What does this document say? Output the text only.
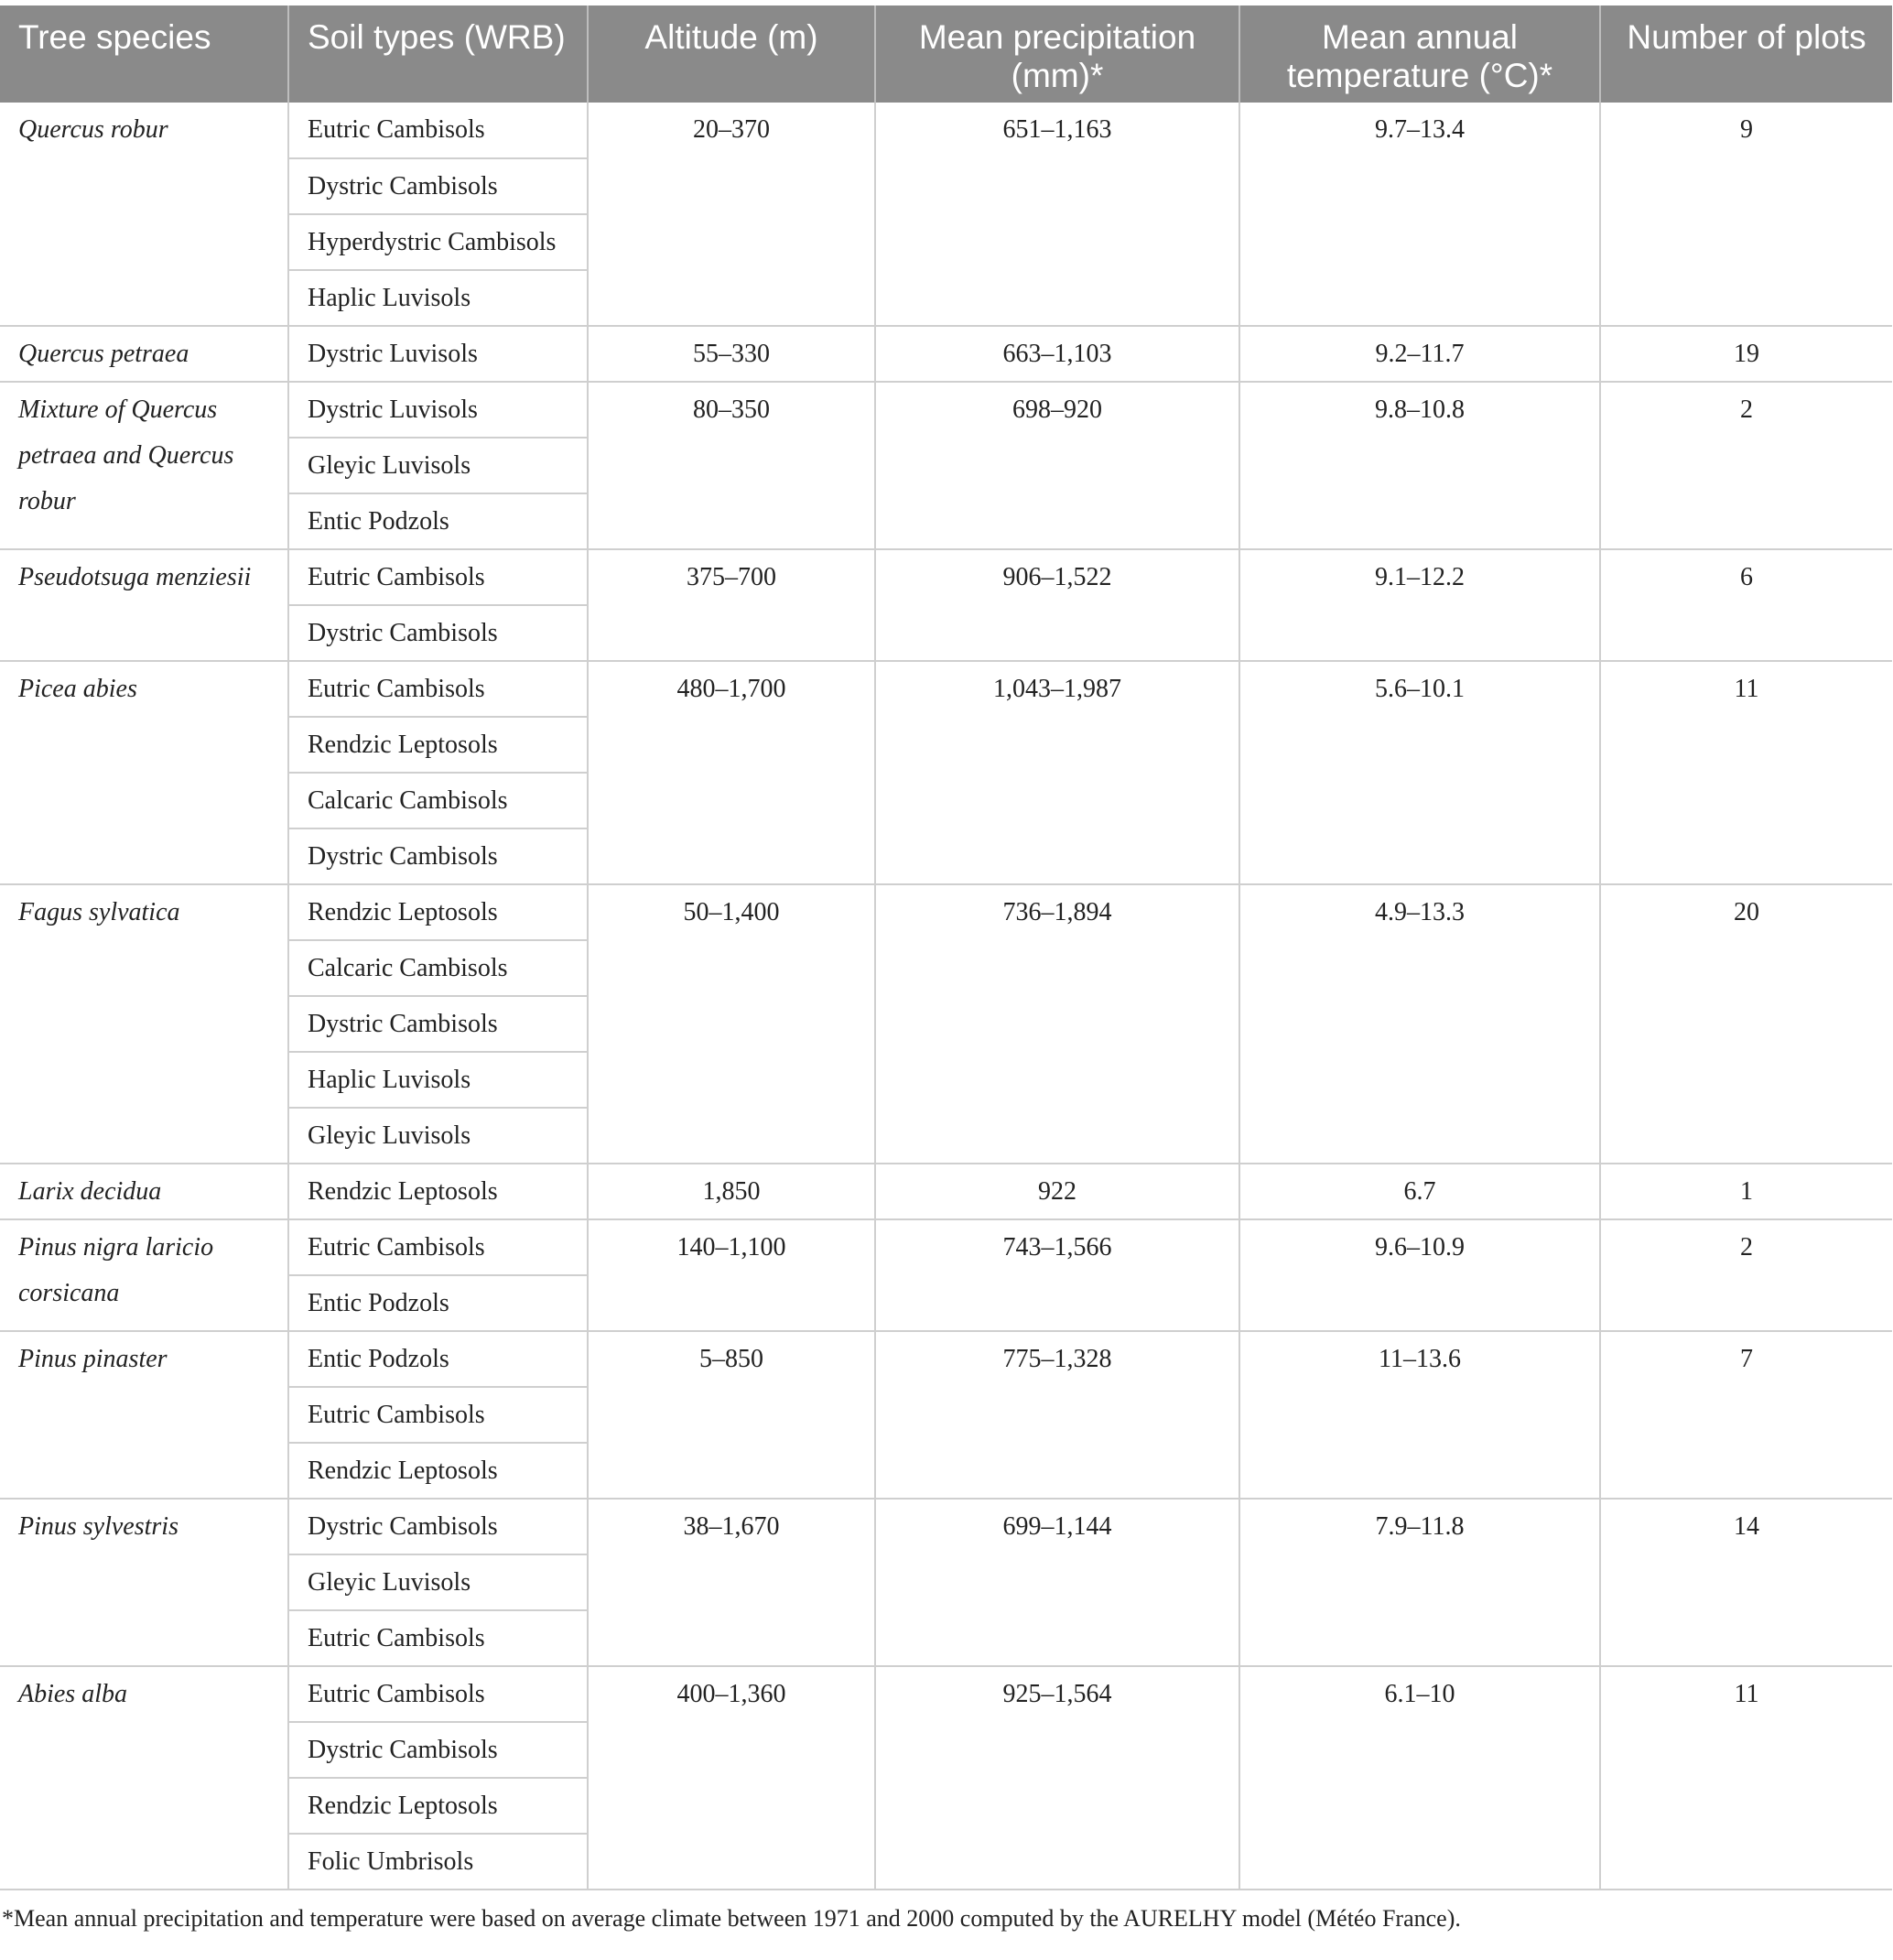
Tree species	Soil types (WRB)	Altitude (m)	Mean precipitation (mm)*	Mean annual temperature (°C)*	Number of plots
Quercus robur	Eutric Cambisols	20–370	651–1,163	9.7–13.4	9
	Dystric Cambisols				
	Hyperdystric Cambisols				
	Haplic Luvisols				
Quercus petraea	Dystric Luvisols	55–330	663–1,103	9.2–11.7	19
Mixture of Quercus petraea and Quercus robur	Dystric Luvisols	80–350	698–920	9.8–10.8	2
	Gleyic Luvisols				
	Entic Podzols				
Pseudotsuga menziesii	Eutric Cambisols	375–700	906–1,522	9.1–12.2	6
	Dystric Cambisols				
Picea abies	Eutric Cambisols	480–1,700	1,043–1,987	5.6–10.1	11
	Rendzic Leptosols				
	Calcaric Cambisols				
	Dystric Cambisols				
Fagus sylvatica	Rendzic Leptosols	50–1,400	736–1,894	4.9–13.3	20
	Calcaric Cambisols				
	Dystric Cambisols				
	Haplic Luvisols				
	Gleyic Luvisols				
Larix decidua	Rendzic Leptosols	1,850	922	6.7	1
Pinus nigra laricio corsicana	Eutric Cambisols	140–1,100	743–1,566	9.6–10.9	2
	Entic Podzols				
Pinus pinaster	Entic Podzols	5–850	775–1,328	11–13.6	7
	Eutric Cambisols				
	Rendzic Leptosols				
Pinus sylvestris	Dystric Cambisols	38–1,670	699–1,144	7.9–11.8	14
	Gleyic Luvisols				
	Eutric Cambisols				
Abies alba	Eutric Cambisols	400–1,360	925–1,564	6.1–10	11
	Dystric Cambisols				
	Rendzic Leptosols				
	Folic Umbrisols				
*Mean annual precipitation and temperature were based on average climate between 1971 and 2000 computed by the AURELHY model (Météo France).
